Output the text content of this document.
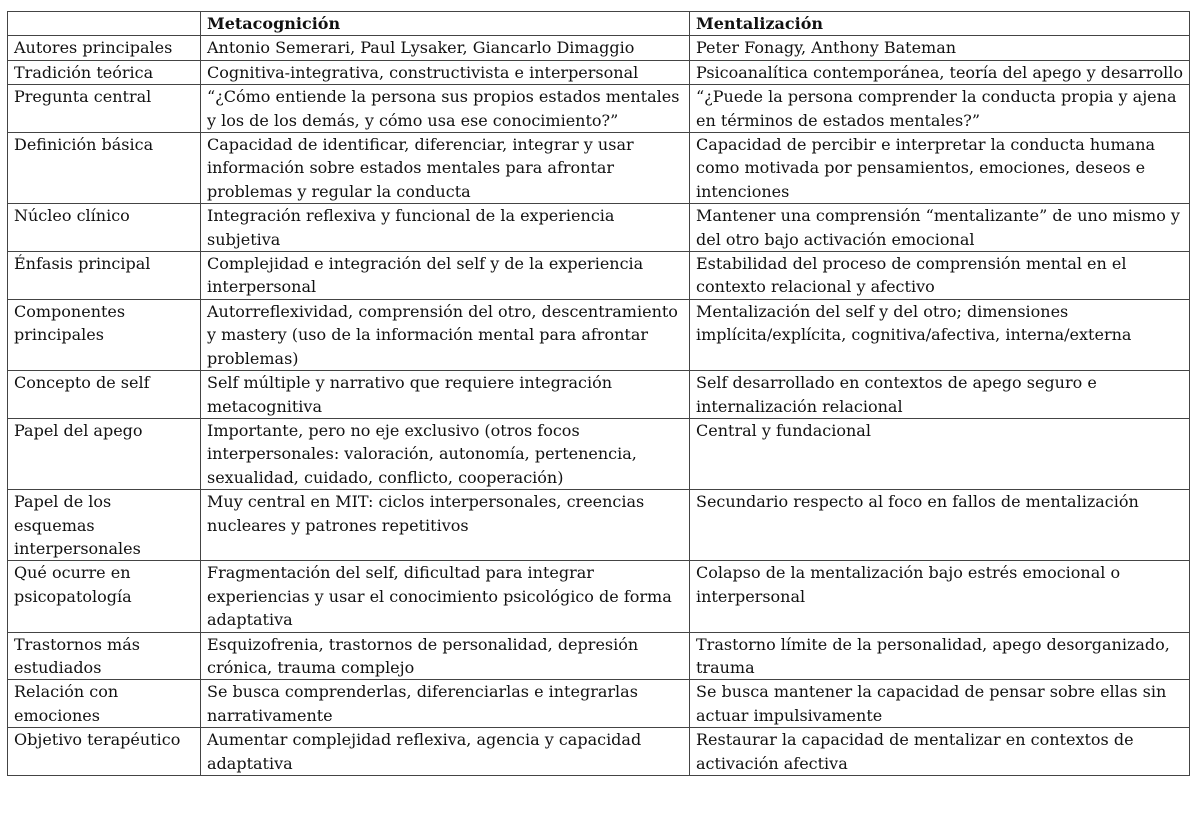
	Metacognición	Mentalización
Autores principales	Antonio Semerari, Paul Lysaker, Giancarlo Dimaggio	Peter Fonagy, Anthony Bateman
Tradición teórica	Cognitiva-integrativa, constructivista e interpersonal	Psicoanalítica contemporánea, teoría del apego y desarrollo
Pregunta central	“¿Cómo entiende la persona sus propios estados mentales y los de los demás, y cómo usa ese conocimiento?”	“¿Puede la persona comprender la conducta propia y ajena en términos de estados mentales?”
Definición básica	Capacidad de identificar, diferenciar, integrar y usar información sobre estados mentales para afrontar problemas y regular la conducta	Capacidad de percibir e interpretar la conducta humana como motivada por pensamientos, emociones, deseos e intenciones
Núcleo clínico	Integración reflexiva y funcional de la experiencia subjetiva	Mantener una comprensión “mentalizante” de uno mismo y del otro bajo activación emocional
Énfasis principal	Complejidad e integración del self y de la experiencia interpersonal	Estabilidad del proceso de comprensión mental en el contexto relacional y afectivo
Componentes principales	Autorreflexividad, comprensión del otro, descentramiento y mastery (uso de la información mental para afrontar problemas)	Mentalización del self y del otro; dimensiones implícita/explícita, cognitiva/afectiva, interna/externa
Concepto de self	Self múltiple y narrativo que requiere integración metacognitiva	Self desarrollado en contextos de apego seguro e internalización relacional
Papel del apego	Importante, pero no eje exclusivo (otros focos interpersonales: valoración, autonomía, pertenencia, sexualidad, cuidado, conflicto, cooperación)	Central y fundacional
Papel de los esquemas interpersonales	Muy central en MIT: ciclos interpersonales, creencias nucleares y patrones repetitivos	Secundario respecto al foco en fallos de mentalización
Qué ocurre en psicopatología	Fragmentación del self, dificultad para integrar experiencias y usar el conocimiento psicológico de forma adaptativa	Colapso de la mentalización bajo estrés emocional o interpersonal
Trastornos más estudiados	Esquizofrenia, trastornos de personalidad, depresión crónica, trauma complejo	Trastorno límite de la personalidad, apego desorganizado, trauma
Relación con emociones	Se busca comprenderlas, diferenciarlas e integrarlas narrativamente	Se busca mantener la capacidad de pensar sobre ellas sin actuar impulsivamente
Objetivo terapéutico	Aumentar complejidad reflexiva, agencia y capacidad adaptativa	Restaurar la capacidad de mentalizar en contextos de activación afectiva
